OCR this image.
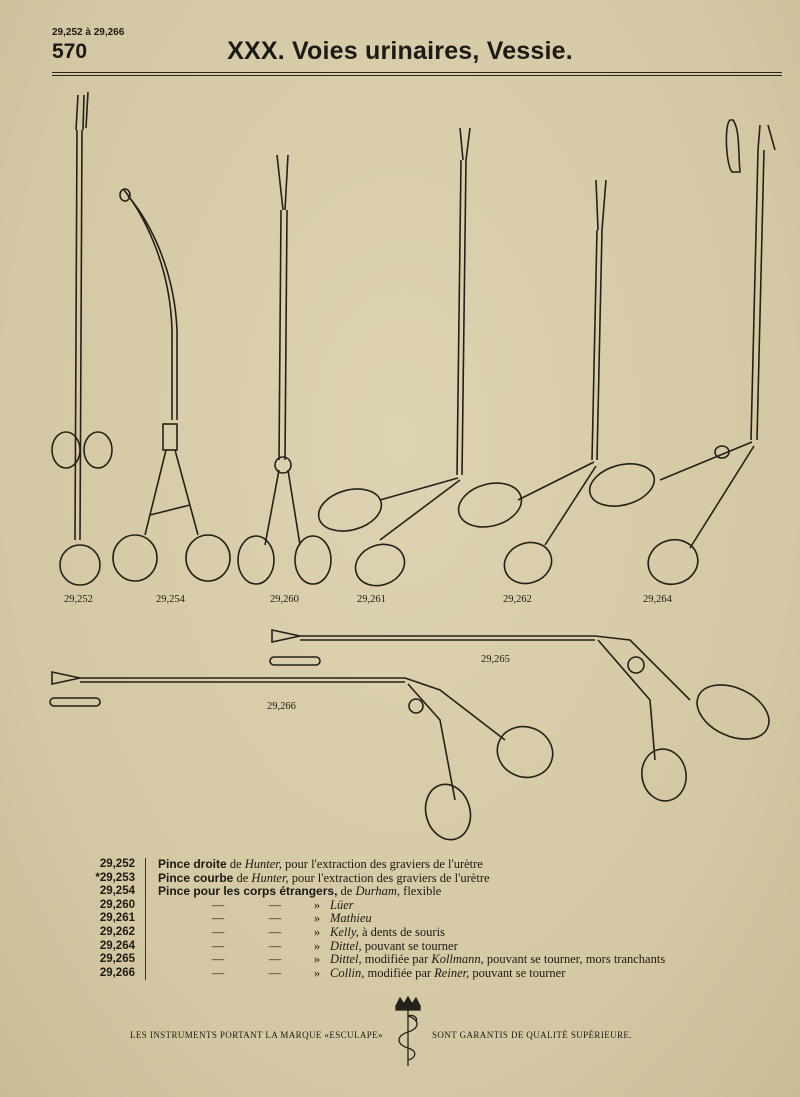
29,252 à 29,266
570	XXX. Voies urinaires, Vessie.
29,252	29,254	29,260	29,261	29,262	29,264
29,265
29,266
29,252	Pince droite de Hunter, pour l'extraction des graviers de l'urètre
*29,253	Pince courbe de Hunter, pour l'extraction des graviers de l'urètre
29,254	Pince pour les corps étrangers, de Durham, flexible
29,260	—	—	» Lüer
29,261	—	—	» Mathieu
29,262	—	—	» Kelly, à dents de souris
29,264	—	—	» Dittel, pouvant se tourner
29,265	—	—	» Dittel, modifiée par Kollmann, pouvant se tourner, mors tranchants
29,266	—	—	» Collin, modifiée par Reiner, pouvant se tourner
LES INSTRUMENTS PORTANT LA MARQUE «ESCULAPE»	SONT GARANTIS DE QUALITÉ SUPÉRIEURE.
